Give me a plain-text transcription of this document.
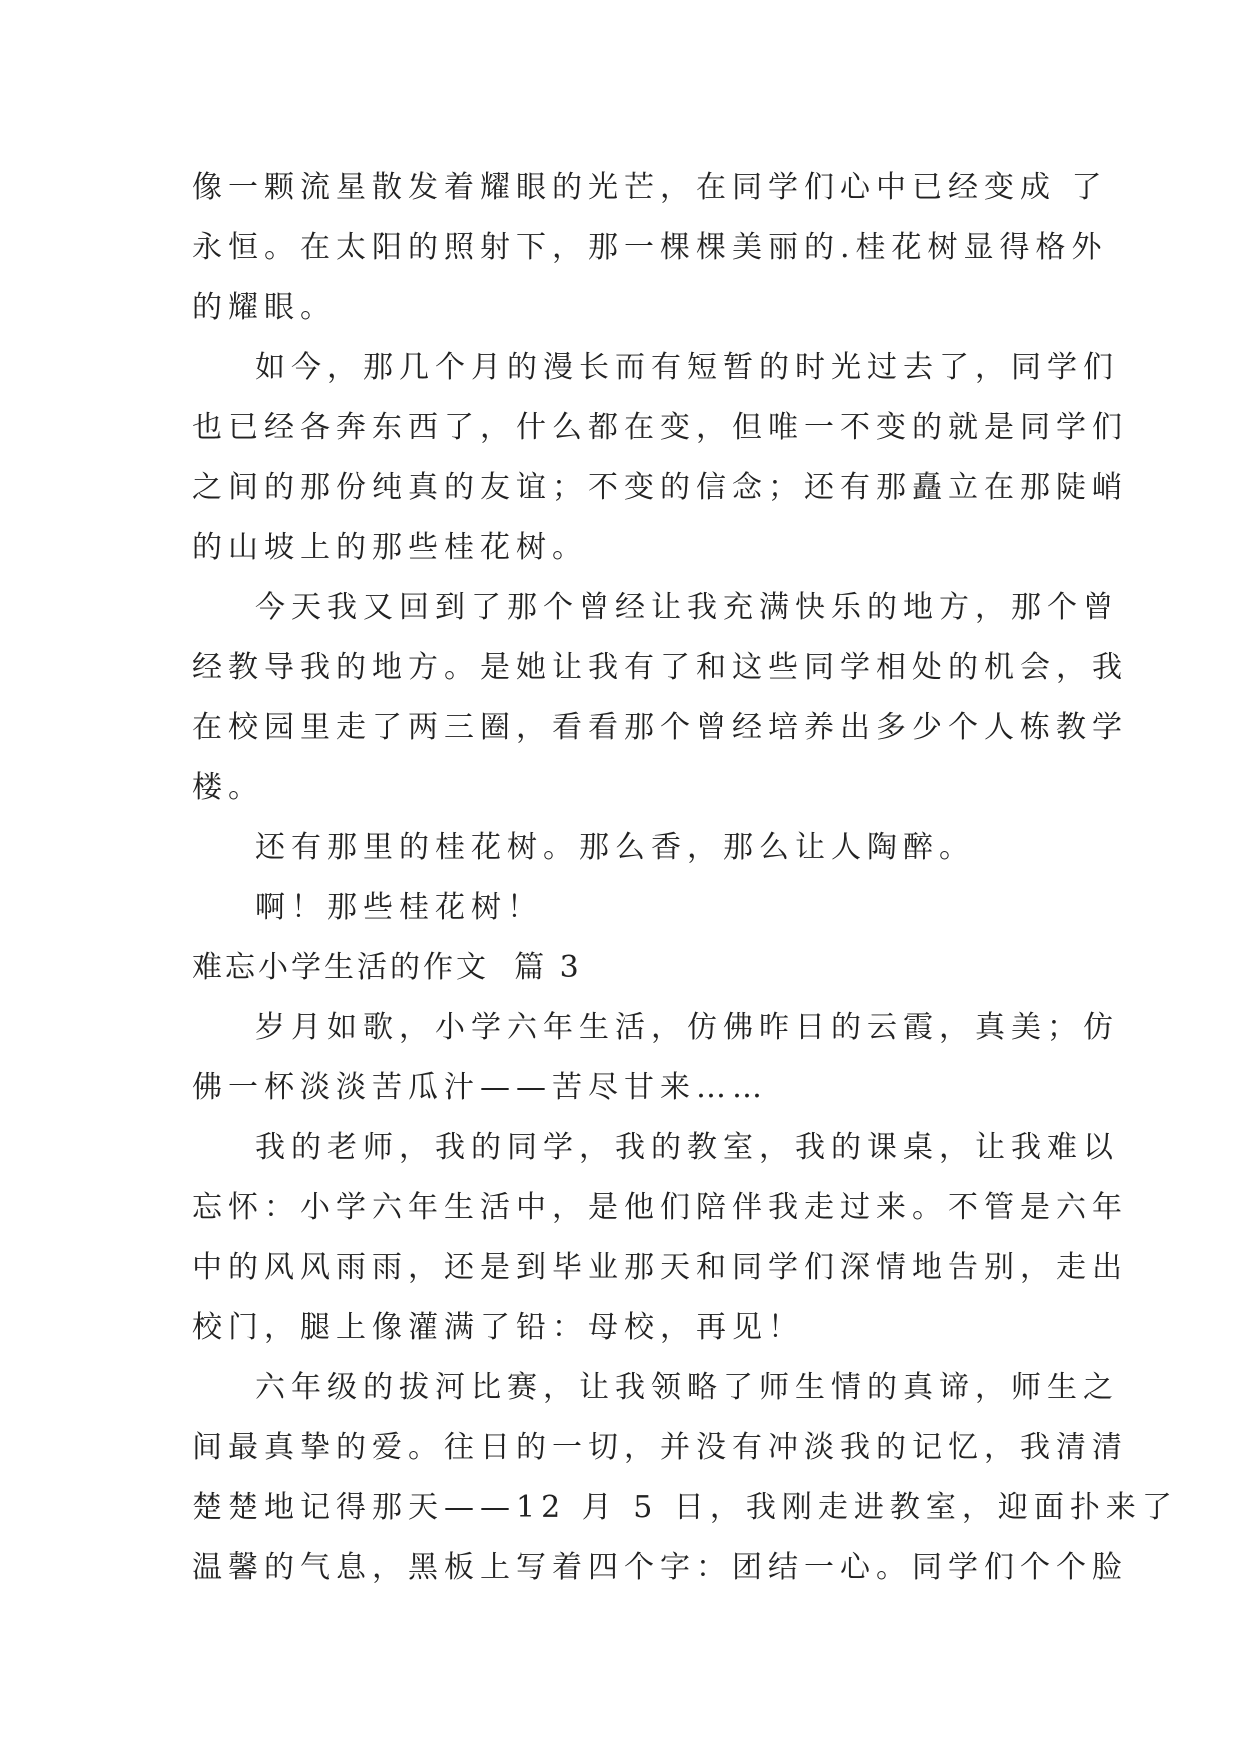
像一颗流星散发着耀眼的光芒，在同学们心中已经变成 了
永恒。在太阳的照射下，那一棵棵美丽的.桂花树显得格外
的耀眼。
如今，那几个月的漫长而有短暂的时光过去了，同学们
也已经各奔东西了，什么都在变，但唯一不变的就是同学们
之间的那份纯真的友谊；不变的信念；还有那矗立在那陡峭
的山坡上的那些桂花树。
今天我又回到了那个曾经让我充满快乐的地方，那个曾
经教导我的地方。是她让我有了和这些同学相处的机会，我
在校园里走了两三圈，看看那个曾经培养出多少个人栋教学
楼。
还有那里的桂花树。那么香，那么让人陶醉。
啊！那些桂花树！
难忘小学生活的作文  篇 3
岁月如歌，小学六年生活，仿佛昨日的云霞，真美；仿
佛一杯淡淡苦瓜汁——苦尽甘来……
我的老师，我的同学，我的教室，我的课桌，让我难以
忘怀：小学六年生活中，是他们陪伴我走过来。不管是六年
中的风风雨雨，还是到毕业那天和同学们深情地告别，走出
校门，腿上像灌满了铅：母校，再见！
六年级的拔河比赛，让我领略了师生情的真谛，师生之
间最真挚的爱。往日的一切，并没有冲淡我的记忆，我清清
楚楚地记得那天——12 月 5 日，我刚走进教室，迎面扑来了
温馨的气息，黑板上写着四个字：团结一心。同学们个个脸
